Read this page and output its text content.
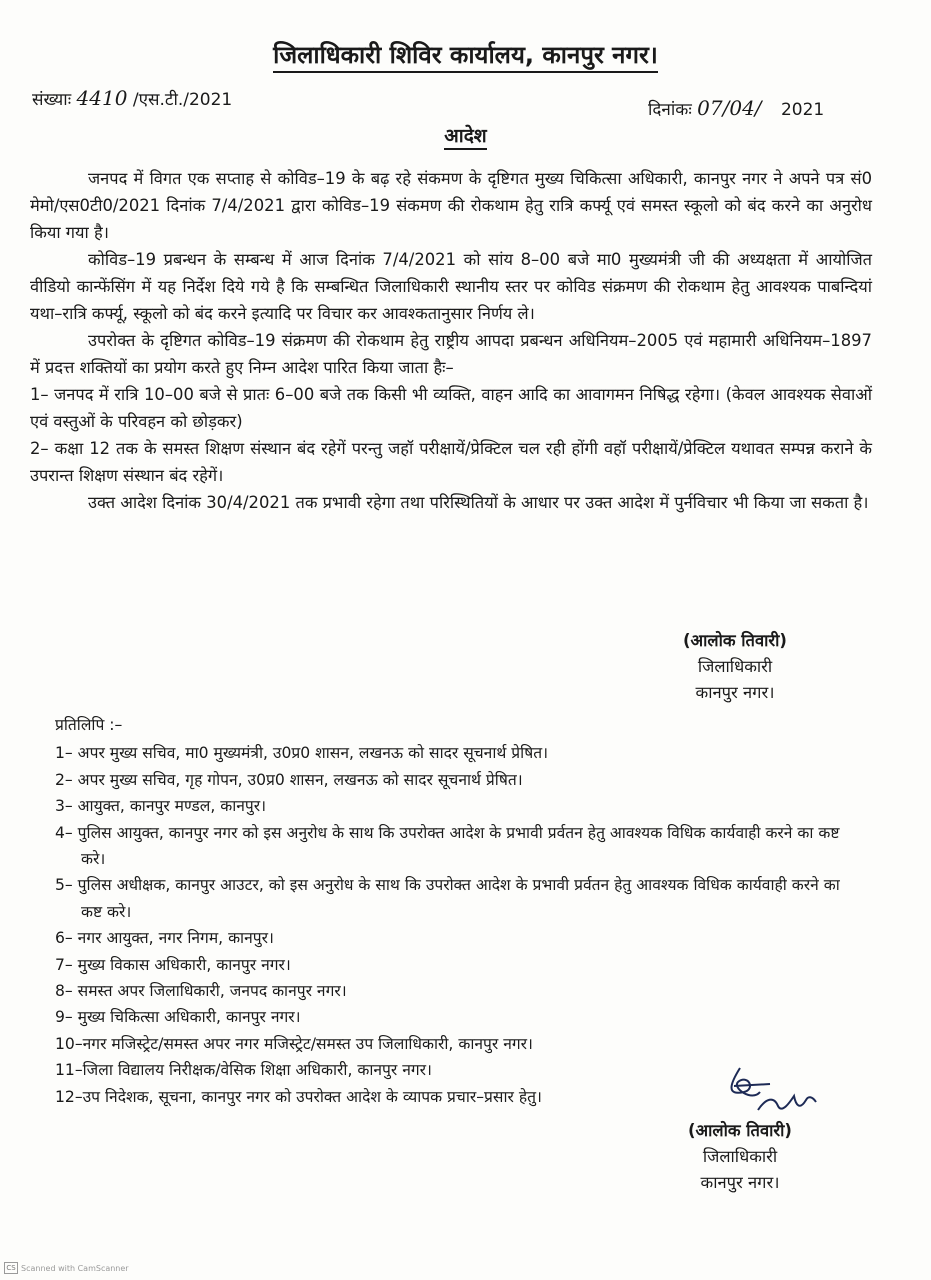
जिलाधिकारी शिविर कार्यालय, कानपुर नगर।
संख्याः 4410 /एस.टी./2021	दिनांकः 07/04/ 2021
आदेश

जनपद में विगत एक सप्ताह से कोविड–19 के बढ़ रहे संकमण के दृष्टिगत मुख्य चिकित्सा अधिकारी, कानपुर नगर ने अपने पत्र सं0 मेमो/एस0टी0/2021 दिनांक 7/4/2021 द्वारा कोविड–19 संकमण की रोकथाम हेतु रात्रि कर्फ्यू एवं समस्त स्कूलो को बंद करने का अनुरोध किया गया है।

कोविड–19 प्रबन्धन के सम्बन्ध में आज दिनांक 7/4/2021 को सांय 8–00 बजे मा0 मुख्यमंत्री जी की अध्यक्षता में आयोजित वीडियो कान्फेंसिंग में यह निर्देश दिये गये है कि सम्बन्धित जिलाधिकारी स्थानीय स्तर पर कोविड संक्रमण की रोकथाम हेतु आवश्यक पाबन्दियां यथा–रात्रि कर्फ्यू, स्कूलो को बंद करने इत्यादि पर विचार कर आवश्कतानुसार निर्णय ले।

उपरोक्त के दृष्टिगत कोविड–19 संक्रमण की रोकथाम हेतु राष्ट्रीय आपदा प्रबन्धन अधिनियम–2005 एवं महामारी अधिनियम–1897 में प्रदत्त शक्तियों का प्रयोग करते हुए निम्न आदेश पारित किया जाता हैः–

1– जनपद में रात्रि 10–00 बजे से प्रातः 6–00 बजे तक किसी भी व्यक्ति, वाहन आदि का आवागमन निषिद्ध रहेगा। (केवल आवश्यक सेवाओं एवं वस्तुओं के परिवहन को छोड़कर)

2– कक्षा 12 तक के समस्त शिक्षण संस्थान बंद रहेगें परन्तु जहॉ परीक्षायें/प्रेक्टिल चल रही होंगी वहॉ परीक्षायें/प्रेक्टिल यथावत सम्पन्न कराने के उपरान्त शिक्षण संस्थान बंद रहेगें।

उक्त आदेश दिनांक 30/4/2021 तक प्रभावी रहेगा तथा परिस्थितियों के आधार पर उक्त आदेश में पुर्नविचार भी किया जा सकता है।

(आलोक तिवारी)
जिलाधिकारी
कानपुर नगर।
प्रतिलिपि :–

1– अपर मुख्य सचिव, मा0 मुख्यमंत्री, उ0प्र0 शासन, लखनऊ को सादर सूचनार्थ प्रेषित।

2– अपर मुख्य सचिव, गृह गोपन, उ0प्र0 शासन, लखनऊ को सादर सूचनार्थ प्रेषित।

3– आयुक्त, कानपुर मण्डल, कानपुर।

4– पुलिस आयुक्त, कानपुर नगर को इस अनुरोध के साथ कि उपरोक्त आदेश के प्रभावी प्रर्वतन हेतु आवश्यक विधिक कार्यवाही करने का कष्ट करे।

5– पुलिस अधीक्षक, कानपुर आउटर, को इस अनुरोध के साथ कि उपरोक्त आदेश के प्रभावी प्रर्वतन हेतु आवश्यक विधिक कार्यवाही करने का कष्ट करे।

6– नगर आयुक्त, नगर निगम, कानपुर।

7– मुख्य विकास अधिकारी, कानपुर नगर।

8– समस्त अपर जिलाधिकारी, जनपद कानपुर नगर।

9– मुख्य चिकित्सा अधिकारी, कानपुर नगर।

10–नगर मजिस्ट्रेट/समस्त अपर नगर मजिस्ट्रेट/समस्त उप जिलाधिकारी, कानपुर नगर।

11–जिला विद्यालय निरीक्षक/वेसिक शिक्षा अधिकारी, कानपुर नगर।

12–उप निदेशक, सूचना, कानपुर नगर को उपरोक्त आदेश के व्यापक प्रचार–प्रसार हेतु।

(आलोक तिवारी)
जिलाधिकारी
कानपुर नगर।
CS Scanned with CamScanner
